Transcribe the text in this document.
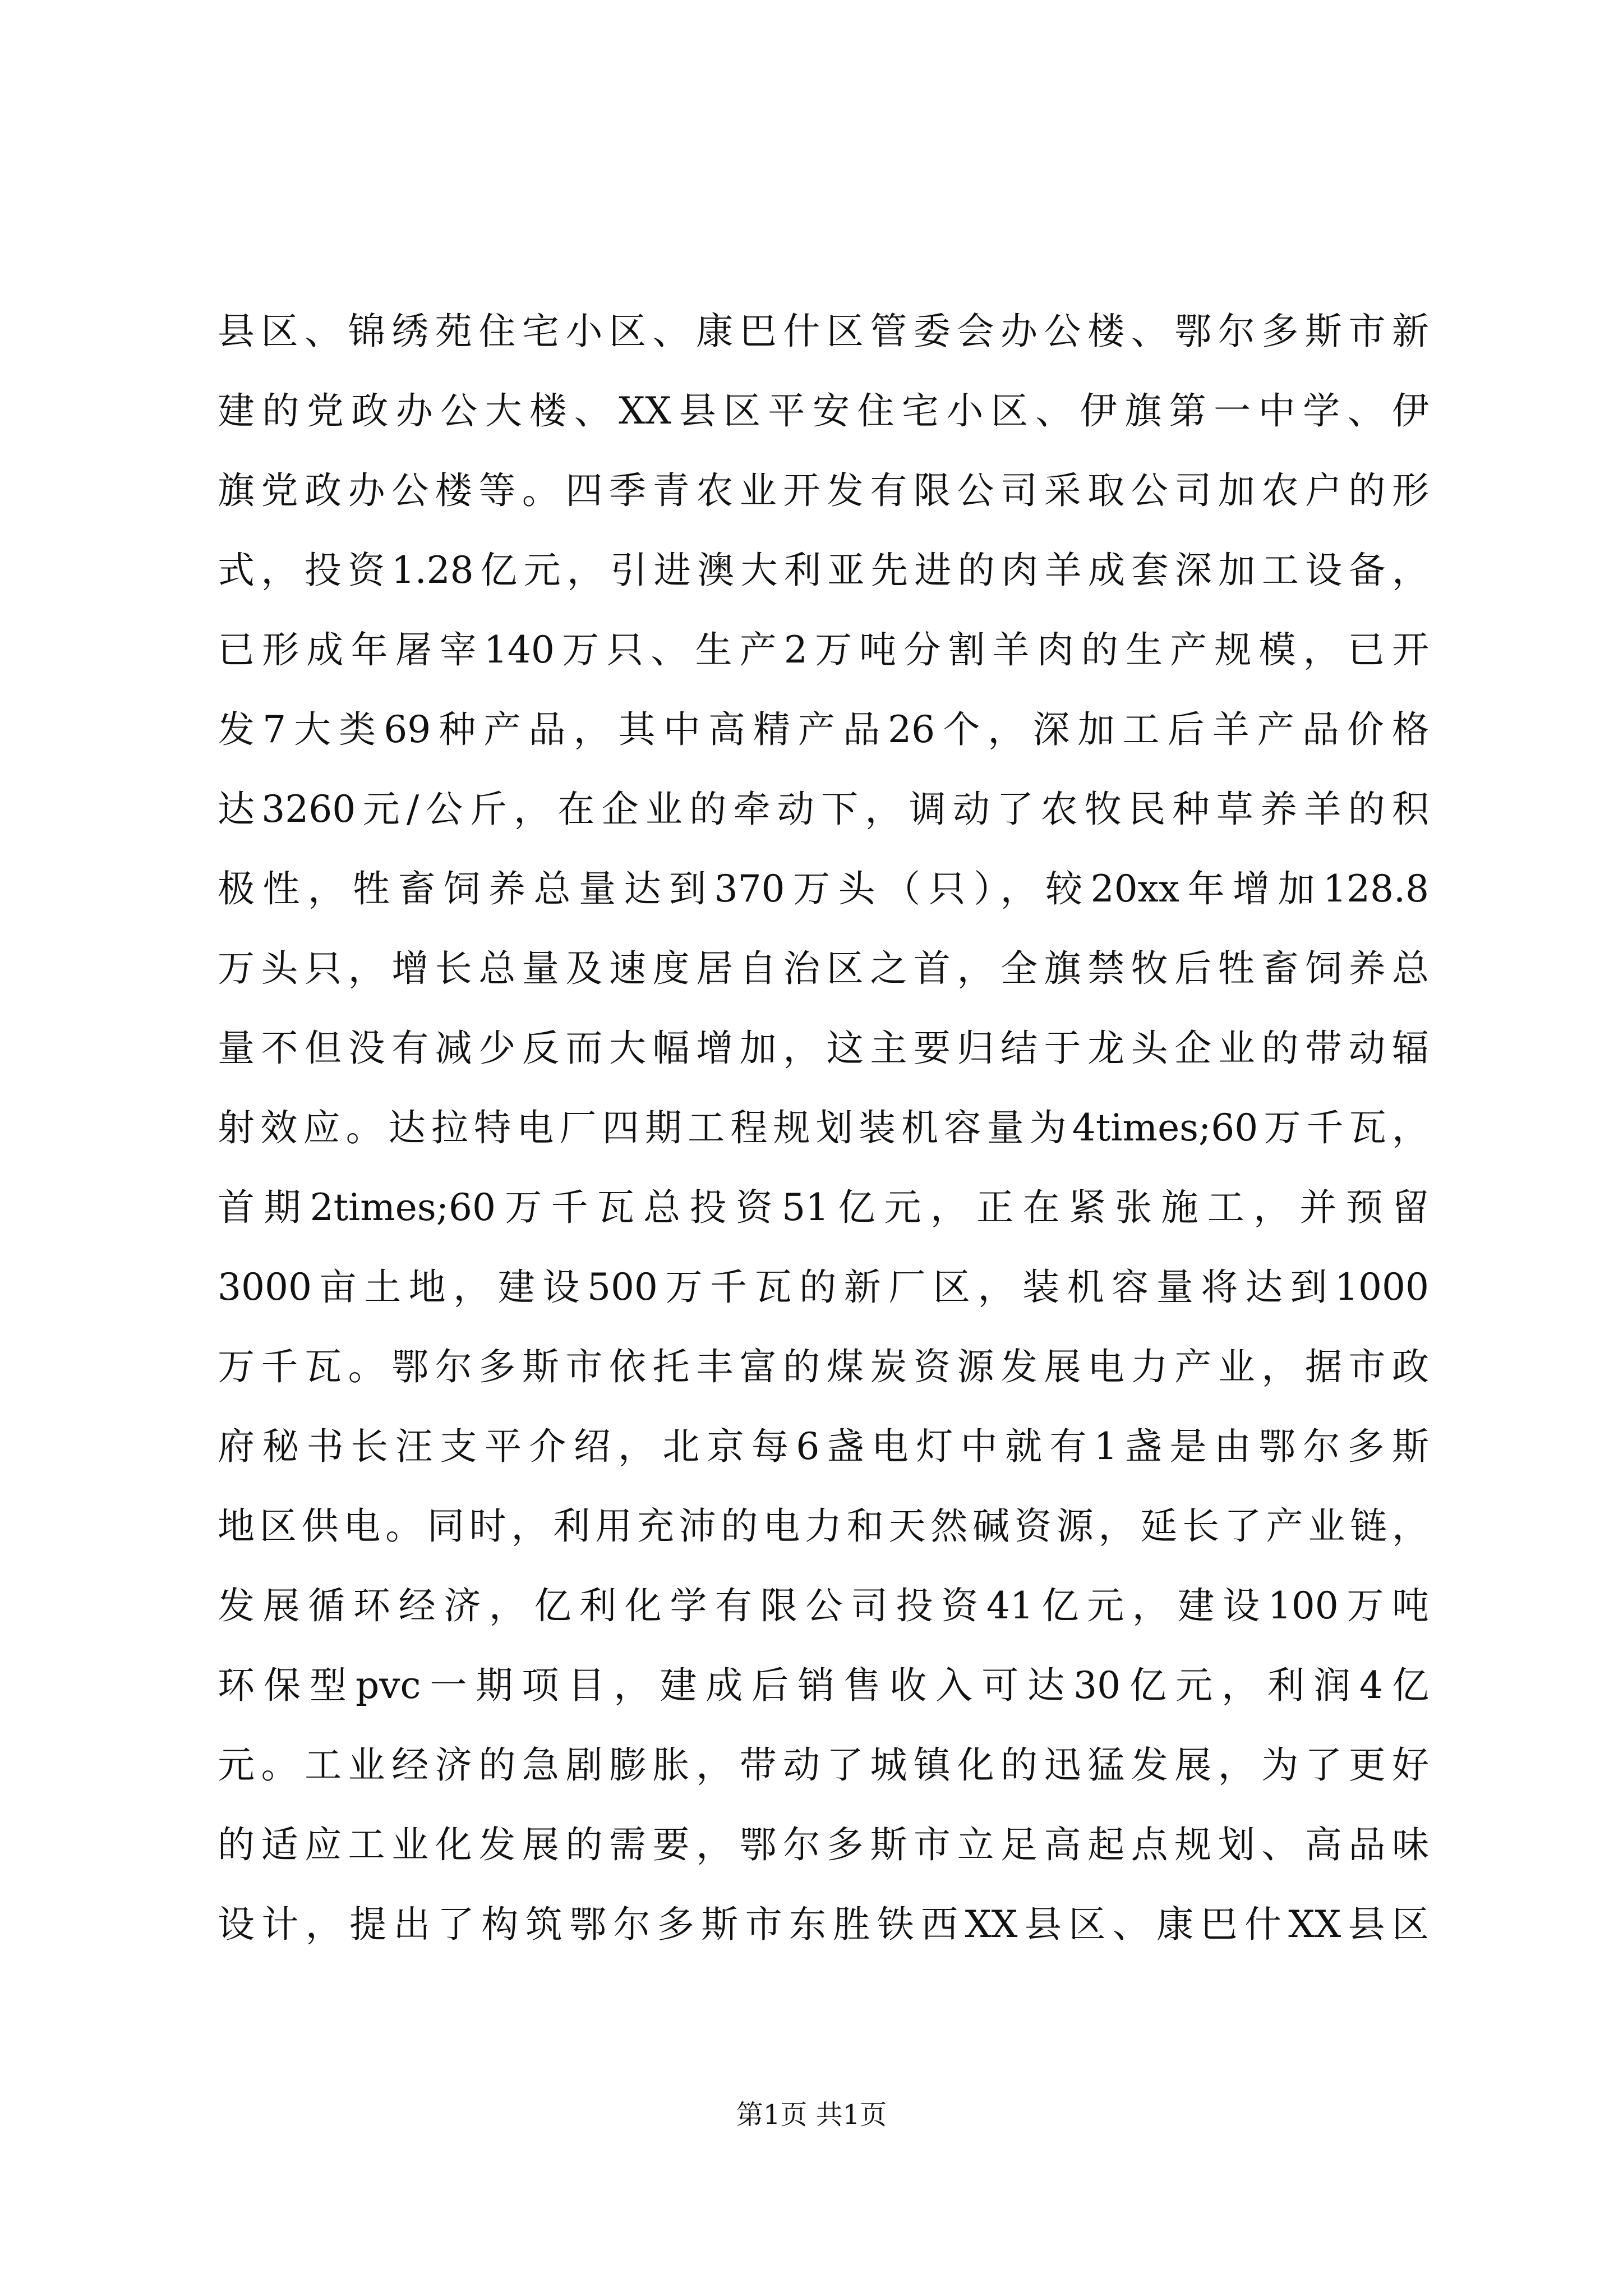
县区、锦绣苑住宅小区、康巴什区管委会办公楼、鄂尔多斯市新
建的党政办公大楼、XX县区平安住宅小区、伊旗第一中学、伊
旗党政办公楼等。四季青农业开发有限公司采取公司加农户的形
式，投资1.28亿元，引进澳大利亚先进的肉羊成套深加工设备，
已形成年屠宰140万只、生产2万吨分割羊肉的生产规模，已开
发7大类69种产品，其中高精产品26个，深加工后羊产品价格
达3260元/公斤，在企业的牵动下，调动了农牧民种草养羊的积
极性，牲畜饲养总量达到370万头（只），较20xx年增加128.8
万头只，增长总量及速度居自治区之首，全旗禁牧后牲畜饲养总
量不但没有减少反而大幅增加，这主要归结于龙头企业的带动辐
射效应。达拉特电厂四期工程规划装机容量为4times;60万千瓦，
首期2times;60万千瓦总投资51亿元，正在紧张施工，并预留
3000亩土地，建设500万千瓦的新厂区，装机容量将达到1000
万千瓦。鄂尔多斯市依托丰富的煤炭资源发展电力产业，据市政
府秘书长汪支平介绍，北京每6盏电灯中就有1盏是由鄂尔多斯
地区供电。同时，利用充沛的电力和天然碱资源，延长了产业链，
发展循环经济，亿利化学有限公司投资41亿元，建设100万吨
环保型pvc一期项目，建成后销售收入可达30亿元，利润4亿
元。工业经济的急剧膨胀，带动了城镇化的迅猛发展，为了更好
的适应工业化发展的需要，鄂尔多斯市立足高起点规划、高品味
设计，提出了构筑鄂尔多斯市东胜铁西XX县区、康巴什XX县区
第1页 共1页
